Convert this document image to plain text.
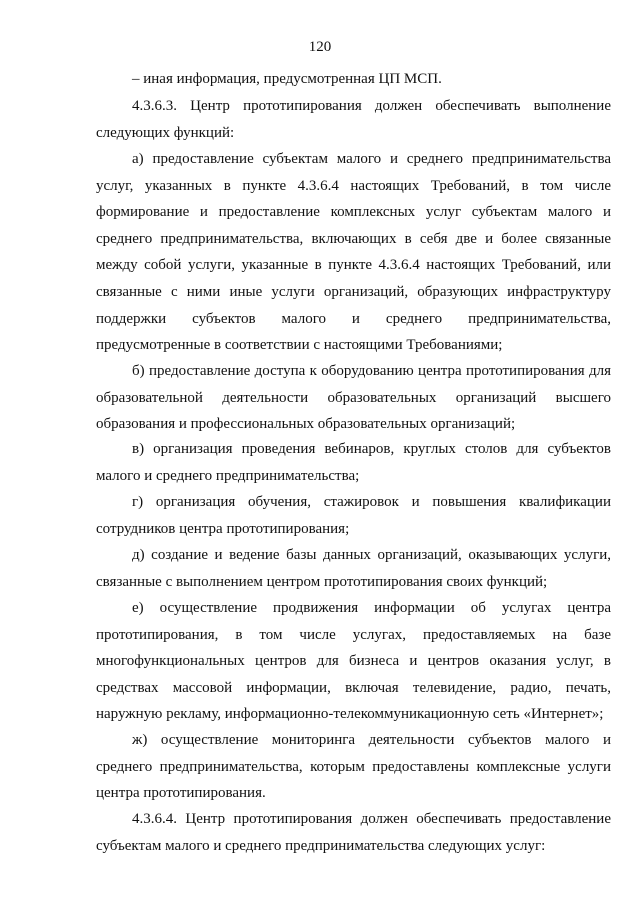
120
– иная информация, предусмотренная ЦП МСП.
4.3.6.3. Центр прототипирования должен обеспечивать выполнение следующих функций:
а) предоставление субъектам малого и среднего предпринимательства услуг, указанных в пункте 4.3.6.4 настоящих Требований, в том числе формирование и предоставление комплексных услуг субъектам малого и среднего предпринимательства, включающих в себя две и более связанные между собой услуги, указанные в пункте 4.3.6.4 настоящих Требований, или связанные с ними иные услуги организаций, образующих инфраструктуру поддержки субъектов малого и среднего предпринимательства, предусмотренные в соответствии с настоящими Требованиями;
б) предоставление доступа к оборудованию центра прототипирования для образовательной деятельности образовательных организаций высшего образования и профессиональных образовательных организаций;
в) организация проведения вебинаров, круглых столов для субъектов малого и среднего предпринимательства;
г) организация обучения, стажировок и повышения квалификации сотрудников центра прототипирования;
д) создание и ведение базы данных организаций, оказывающих услуги, связанные с выполнением центром прототипирования своих функций;
е) осуществление продвижения информации об услугах центра прототипирования, в том числе услугах, предоставляемых на базе многофункциональных центров для бизнеса и центров оказания услуг, в средствах массовой информации, включая телевидение, радио, печать, наружную рекламу, информационно-телекоммуникационную сеть «Интернет»;
ж) осуществление мониторинга деятельности субъектов малого и среднего предпринимательства, которым предоставлены комплексные услуги центра прототипирования.
4.3.6.4. Центр прототипирования должен обеспечивать предоставление субъектам малого и среднего предпринимательства следующих услуг:
